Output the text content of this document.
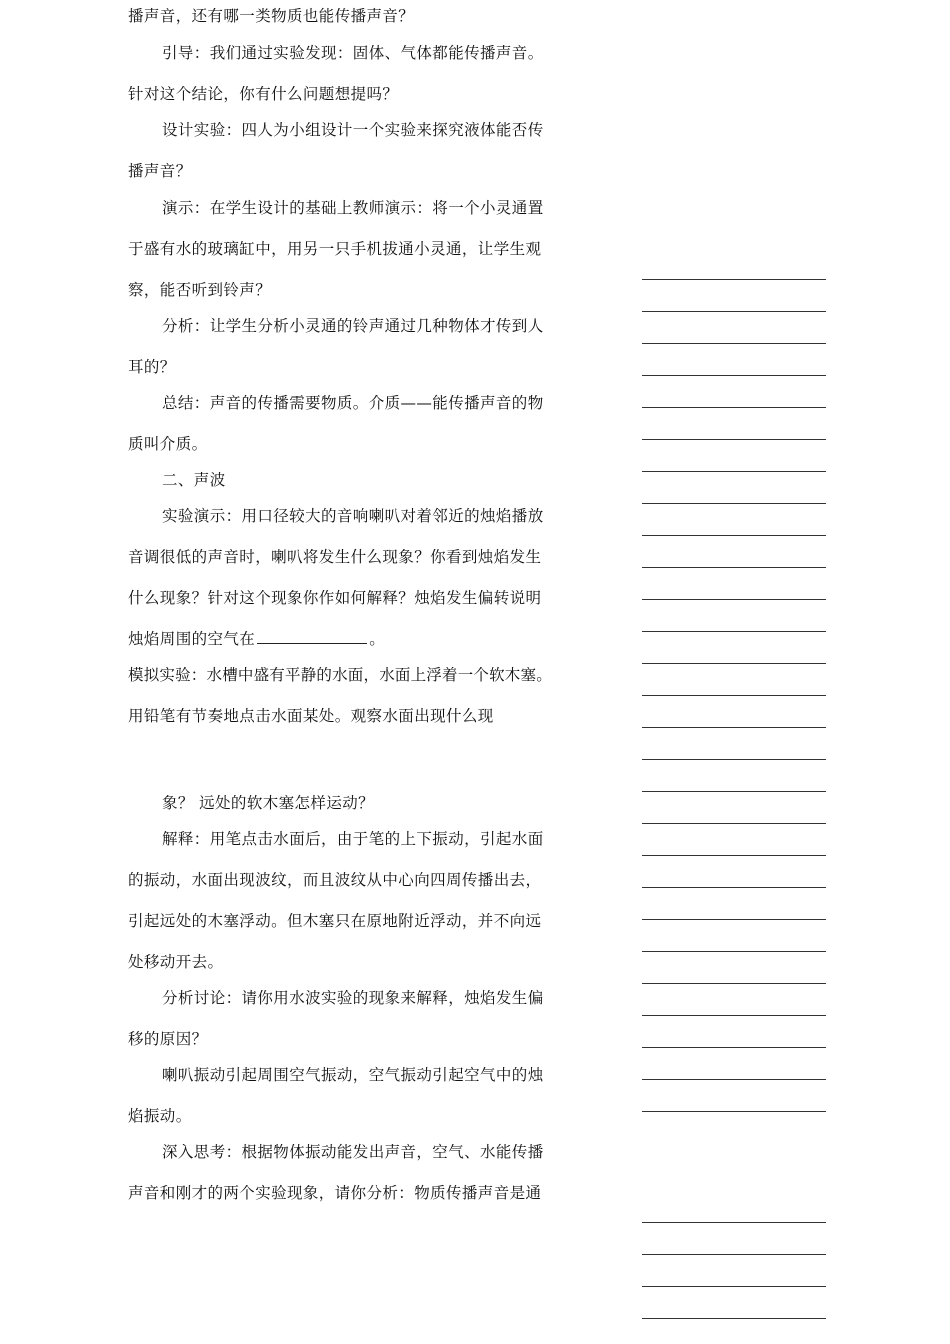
播声音，还有哪一类物质也能传播声音？
引导：我们通过实验发现：固体、气体都能传播声音。
针对这个结论，你有什么问题想提吗？
设计实验：四人为小组设计一个实验来探究液体能否传
播声音？
演示：在学生设计的基础上教师演示：将一个小灵通置
于盛有水的玻璃缸中，用另一只手机拔通小灵通，让学生观
察，能否听到铃声？
分析：让学生分析小灵通的铃声通过几种物体才传到人
耳的？
总结：声音的传播需要物质。介质——能传播声音的物
质叫介质。
二、声波
实验演示：用口径较大的音响喇叭对着邻近的烛焰播放
音调很低的声音时，喇叭将发生什么现象？你看到烛焰发生
什么现象？针对这个现象你作如何解释？烛焰发生偏转说明
烛焰周围的空气在	。
模拟实验：水槽中盛有平静的水面，水面上浮着一个软木塞。
用铅笔有节奏地点击水面某处。观察水面出现什么现
象？ 远处的软木塞怎样运动？
解释：用笔点击水面后，由于笔的上下振动，引起水面
的振动，水面出现波纹，而且波纹从中心向四周传播出去，
引起远处的木塞浮动。但木塞只在原地附近浮动，并不向远
处移动开去。
分析讨论：请你用水波实验的现象来解释，烛焰发生偏
移的原因？
喇叭振动引起周围空气振动，空气振动引起空气中的烛
焰振动。
深入思考：根据物体振动能发出声音，空气、水能传播
声音和刚才的两个实验现象，请你分析：物质传播声音是通
